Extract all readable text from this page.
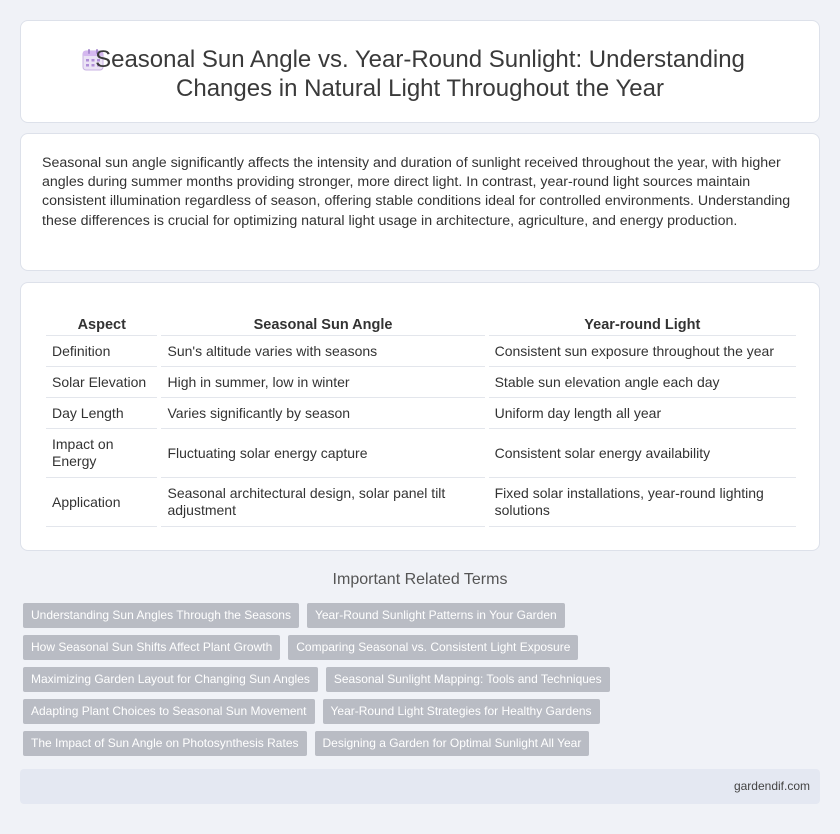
Seasonal Sun Angle vs. Year-Round Sunlight: Understanding Changes in Natural Light Throughout the Year

Seasonal sun angle significantly affects the intensity and duration of sunlight received throughout the year, with higher angles during summer months providing stronger, more direct light. In contrast, year-round light sources maintain consistent illumination regardless of season, offering stable conditions ideal for controlled environments. Understanding these differences is crucial for optimizing natural light usage in architecture, agriculture, and energy production.

Aspect	Seasonal Sun Angle	Year-round Light
Definition	Sun's altitude varies with seasons	Consistent sun exposure throughout the year
Solar Elevation	High in summer, low in winter	Stable sun elevation angle each day
Day Length	Varies significantly by season	Uniform day length all year
Impact on Energy	Fluctuating solar energy capture	Consistent solar energy availability
Application	Seasonal architectural design, solar panel tilt adjustment	Fixed solar installations, year-round lighting solutions
Important Related Terms
Understanding Sun Angles Through the Seasons	Year-Round Sunlight Patterns in Your Garden
How Seasonal Sun Shifts Affect Plant Growth	Comparing Seasonal vs. Consistent Light Exposure
Maximizing Garden Layout for Changing Sun Angles	Seasonal Sunlight Mapping: Tools and Techniques
Adapting Plant Choices to Seasonal Sun Movement	Year-Round Light Strategies for Healthy Gardens
The Impact of Sun Angle on Photosynthesis Rates	Designing a Garden for Optimal Sunlight All Year
gardendif.com
